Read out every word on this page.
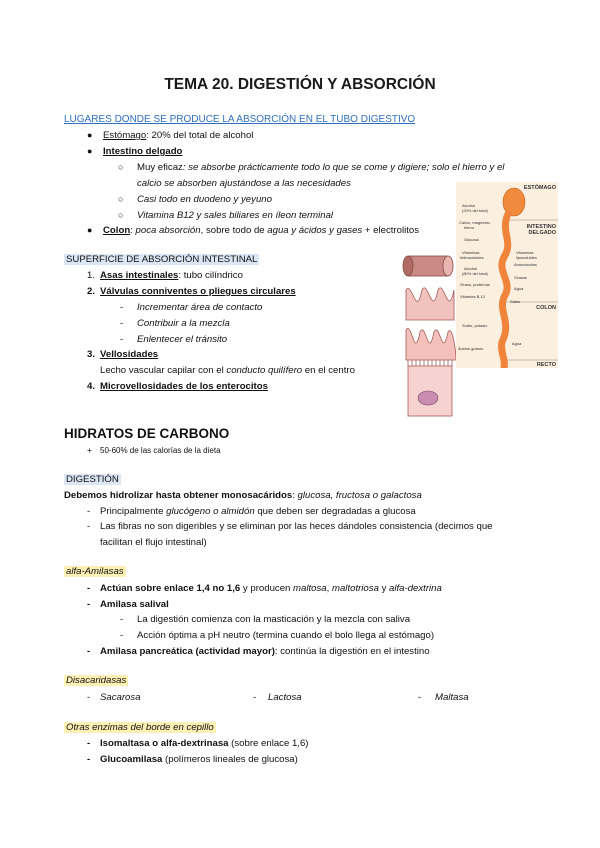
TEMA 20. DIGESTIÓN Y ABSORCIÓN
LUGARES DONDE SE PRODUCE LA ABSORCIÓN EN EL TUBO DIGESTIVO
● Estómago: 20% del total de alcohol
● Intestino delgado
○ Muy eficaz: se absorbe prácticamente todo lo que se come y digiere; solo el hierro y el
calcio se absorben ajustándose a las necesidades
○ Casi todo en duodeno y yeyuno
○ Vitamina B12 y sales biliares en íleon terminal
● Colon: poca absorción, sobre todo de agua y ácidos y gases + electrolitos
SUPERFICIE DE ABSORCIÓN INTESTINAL
1. Asas intestinales: tubo cilíndrico
2. Válvulas conniventes o pliegues circulares
- Incrementar área de contacto
- Contribuir a la mezcla
- Enlentecer el tránsito
3. Vellosidades
Lecho vascular capilar con el conducto quilífero en el centro
4. Microvellosidades de los enterocitos
ESTÓMAGO
INTESTINO
DELGADO
COLON
RECTO
Alcohol
(20% del total)
Calcio, magnesio,
hierro
Glucosa
Vitaminas
hidrosolubles
Alcohol
(80% del total)
Grasa, proteínas
Vitamina B-12
Sodio, potasio
Ácidos grasos
Vitaminas
liposolubles
Aminoácidos
Grasas
Agua
Sales
Agua
HIDRATOS DE CARBONO
+ 50-60% de las calorías de la dieta
DIGESTIÓN
Debemos hidrolizar hasta obtener monosacáridos: glucosa, fructosa o galactosa
- Principalmente glucógeno o almidón que deben ser degradadas a glucosa
- Las fibras no son digeribles y se eliminan por las heces dándoles consistencia (decimos que
facilitan el flujo intestinal)
alfa-Amilasas
- Actúan sobre enlace 1,4 no 1,6 y producen maltosa, maltotriosa y alfa-dextrina
- Amilasa salival
- La digestión comienza con la masticación y la mezcla con saliva
- Acción óptima a pH neutro (termina cuando el bolo llega al estómago)
- Amilasa pancreática (actividad mayor): continúa la digestión en el intestino
Disacaridasas
- Sacarosa	- Lactosa	- Maltasa
Otras enzimas del borde en cepillo
- Isomaltasa o alfa-dextrinasa (sobre enlace 1,6)
- Glucoamilasa (polímeros lineales de glucosa)
